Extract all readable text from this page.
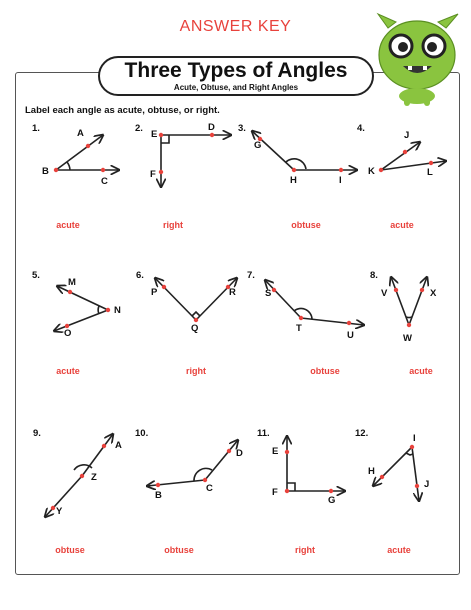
ANSWER KEY
Three Types of Angles
Acute, Obtuse, and Right Angles
Label each angle as acute, obtuse, or right.
1.	A
B
C
acute
2.
E
D
F
right
3.
G
H	I
obtuse
4.
J
K	L
acute
5.
M
N
O
acute
6.
P
Q
R
right
7.
S
T
U
obtuse
8.
V	X
W
acute
9.
A
Z
Y
obtuse
10.
D
C
B
obtuse
11.
E
F
G
right
12.	I
H
J
acute
